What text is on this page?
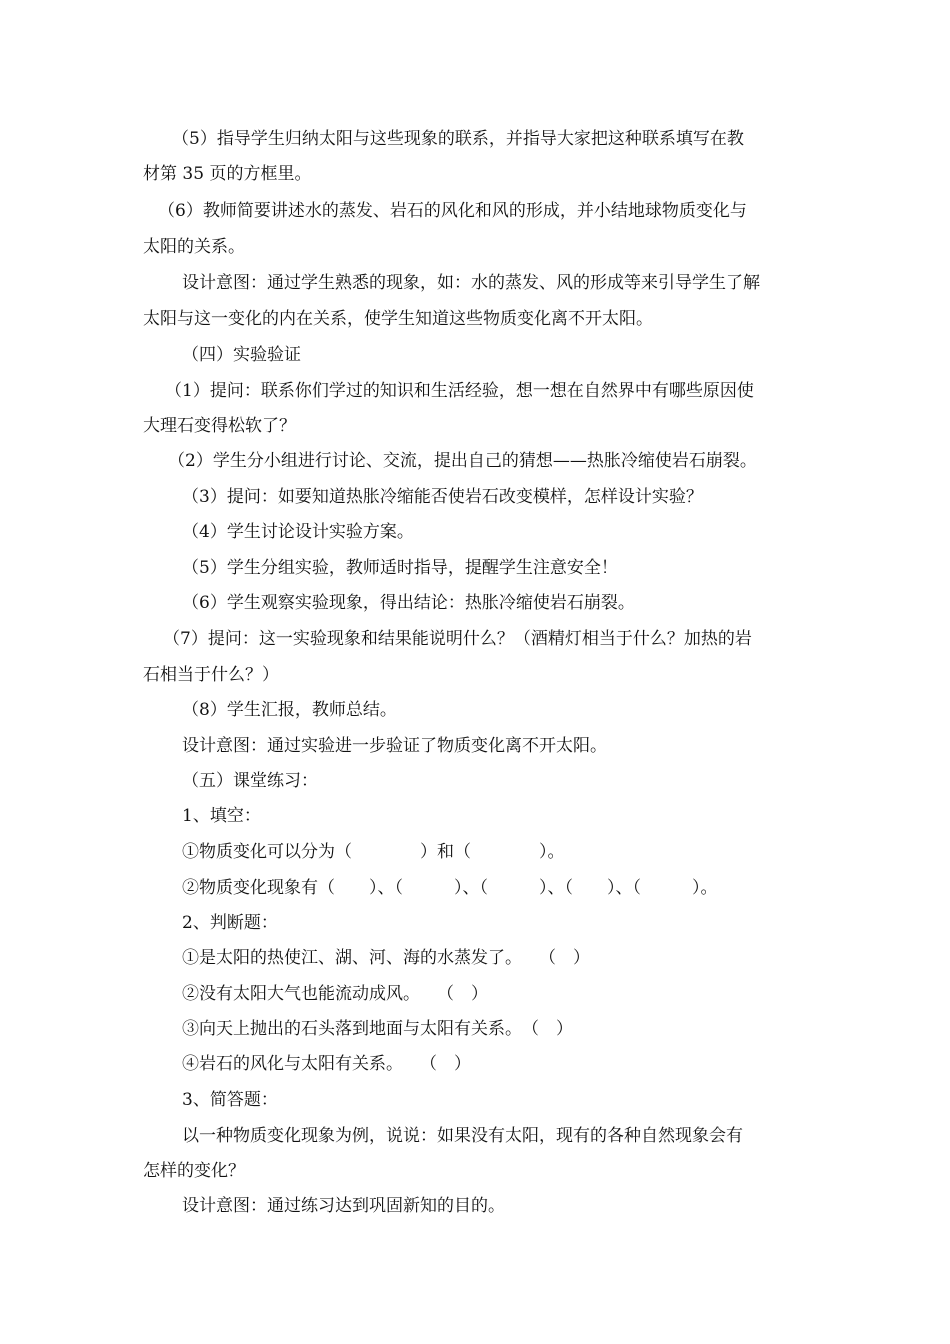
（5）指导学生归纳太阳与这些现象的联系，并指导大家把这种联系填写在教
材第 35 页的方框里。
（6）教师简要讲述水的蒸发、岩石的风化和风的形成，并小结地球物质变化与
太阳的关系。
设计意图：通过学生熟悉的现象，如：水的蒸发、风的形成等来引导学生了解
太阳与这一变化的内在关系，使学生知道这些物质变化离不开太阳。
（四）实验验证
（1）提问：联系你们学过的知识和生活经验，想一想在自然界中有哪些原因使
大理石变得松软了？
（2）学生分小组进行讨论、交流，提出自己的猜想——热胀冷缩使岩石崩裂。
（3）提问：如要知道热胀冷缩能否使岩石改变模样，怎样设计实验？
（4）学生讨论设计实验方案。
（5）学生分组实验，教师适时指导，提醒学生注意安全！
（6）学生观察实验现象，得出结论：热胀冷缩使岩石崩裂。
（7）提问：这一实验现象和结果能说明什么？（酒精灯相当于什么？加热的岩
石相当于什么？）
（8）学生汇报，教师总结。
设计意图：通过实验进一步验证了物质变化离不开太阳。
（五）课堂练习：
1、填空：
①物质变化可以分为（　　　　）和（　　　　）。
②物质变化现象有（　　）、（　　　）、（　　　）、（　　）、（　　　）。
2、判断题：
①是太阳的热使江、湖、河、海的水蒸发了。　　（　）
②没有太阳大气也能流动成风。　　（　）
③向天上抛出的石头落到地面与太阳有关系。　（　）
④岩石的风化与太阳有关系。　　（　）
3、简答题：
以一种物质变化现象为例，说说：如果没有太阳，现有的各种自然现象会有
怎样的变化？
设计意图：通过练习达到巩固新知的目的。
